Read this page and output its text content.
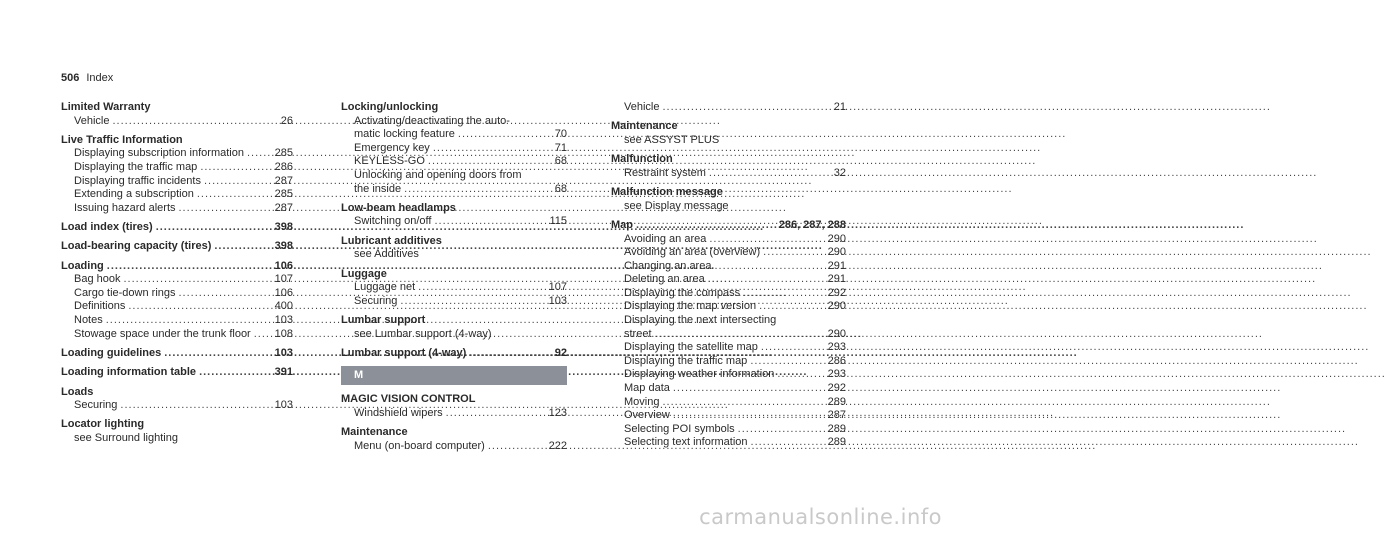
506 Index
Limited Warranty
Vehicle .....	26
Live Traffic Information
Displaying subscription information .....	285
Displaying the traffic map .....	286
Displaying traffic incidents .....	287
Extending a subscription .....	285
Issuing hazard alerts .....	287
Load index (tires) .....	398
Load-bearing capacity (tires) .....	398
Loading .....	106
Bag hook .....	107
Cargo tie-down rings .....	106
Definitions .....	400
Notes .....	103
Stowage space under the trunk floor ..... 108
Loading guidelines .....	103
Loading information table .....	391
Loads
Securing .....	103
Locator lighting
see Surround lighting
Locking/unlocking
Activating/deactivating the auto-
matic locking feature .....	70
Emergency key .....	71
KEYLESS-GO .....	68
Unlocking and opening doors from
the inside .....	68
Low-beam headlamps
Switching on/off .....	115
Lubricant additives
see Additives
Luggage
Luggage net .....	107
Securing .....	103
Lumbar support
see Lumbar support (4-way)
Lumbar support (4-way) .....	92
M
MAGIC VISION CONTROL
Windshield wipers .....	123
Maintenance
Menu (on-board computer) .....	222
Vehicle .....	21
Maintenance
see ASSYST PLUS
Malfunction
Restraint system .....	32
Malfunction message
see Display message
Map .....	286, 287, 288
Avoiding an area .....	290
Avoiding an area (overview) .....	290
Changing an area .....	291
Deleting an area .....	291
Displaying the compass .....	292
Displaying the map version .....	290
Displaying the next intersecting
street .....	290
Displaying the satellite map .....	293
Displaying the traffic map .....	286
Displaying weather information .....	293
Map data .....	292
Moving .....	289
Overview .....	287
Selecting POI symbols .....	289
Selecting text information .....	289
carmanualsonline.info
